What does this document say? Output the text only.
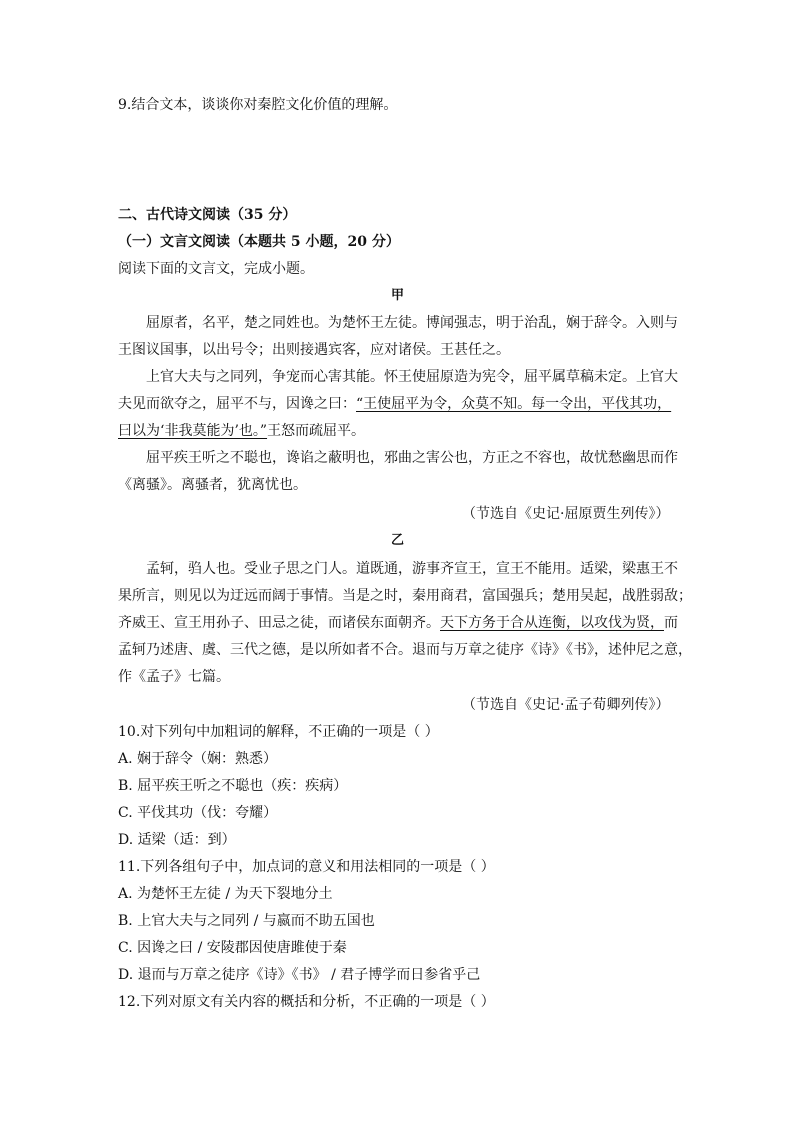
9.结合文本，谈谈你对秦腔文化价值的理解。
二、古代诗文阅读（35 分）
（一）文言文阅读（本题共 5 小题，20 分）
阅读下面的文言文，完成小题。
甲
屈原者，名平，楚之同姓也。为楚怀王左徒。博闻强志，明于治乱，娴于辞令。入则与
王图议国事，以出号令；出则接遇宾客，应对诸侯。王甚任之。
上官大夫与之同列，争宠而心害其能。怀王使屈原造为宪令，屈平属草稿未定。上官大
夫见而欲夺之，屈平不与，因谗之曰：“王使屈平为令，众莫不知。每一令出，平伐其功，
曰以为‘非我莫能为’也。”王怒而疏屈平。
屈平疾王听之不聪也，谗谄之蔽明也，邪曲之害公也，方正之不容也，故忧愁幽思而作
《离骚》。离骚者，犹离忧也。
（节选自《史记·屈原贾生列传》）
乙
孟轲，驺人也。受业子思之门人。道既通，游事齐宣王，宣王不能用。适梁，梁惠王不
果所言，则见以为迂远而阔于事情。当是之时，秦用商君，富国强兵；楚用吴起，战胜弱敌；
齐威王、宣王用孙子、田忌之徒，而诸侯东面朝齐。天下方务于合从连衡，以攻伐为贤，而
孟轲乃述唐、虞、三代之德，是以所如者不合。退而与万章之徒序《诗》《书》，述仲尼之意，
作《孟子》七篇。
（节选自《史记·孟子荀卿列传》）
10.对下列句中加粗词的解释，不正确的一项是（ ）
A. 娴于辞令（娴：熟悉）
B. 屈平疾王听之不聪也（疾：疾病）
C. 平伐其功（伐：夸耀）
D. 适梁（适：到）
11.下列各组句子中，加点词的意义和用法相同的一项是（ ）
A. 为楚怀王左徒 / 为天下裂地分土
B. 上官大夫与之同列 / 与嬴而不助五国也
C. 因谗之曰 / 安陵郡因使唐雎使于秦
D. 退而与万章之徒序《诗》《书》 / 君子博学而日参省乎己
12.下列对原文有关内容的概括和分析，不正确的一项是（ ）
